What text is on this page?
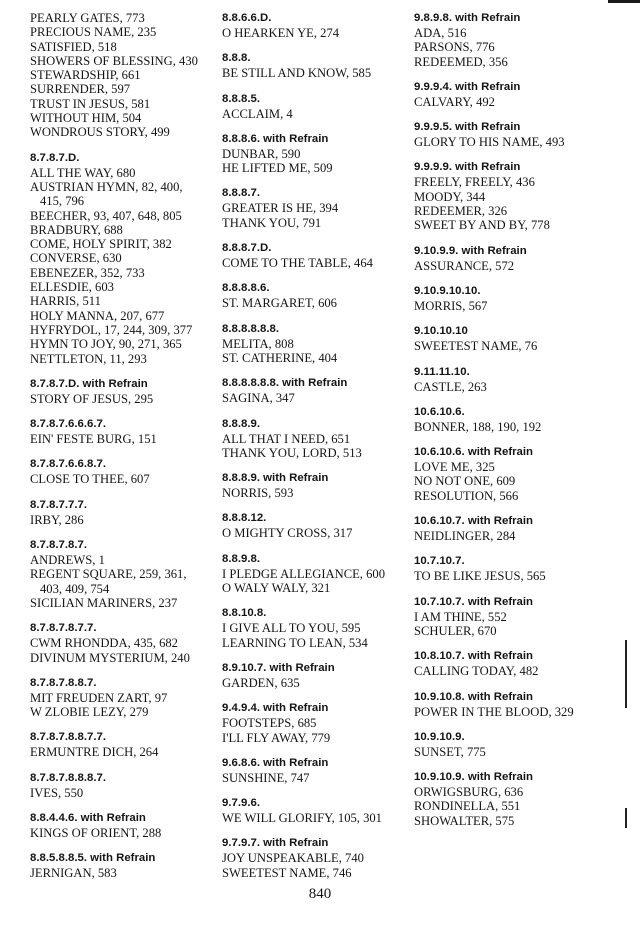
PEARLY GATES, 773
PRECIOUS NAME, 235
SATISFIED, 518
SHOWERS OF BLESSING, 430
STEWARDSHIP, 661
SURRENDER, 597
TRUST IN JESUS, 581
WITHOUT HIM, 504
WONDROUS STORY, 499
8.7.8.7.D.
ALL THE WAY, 680
AUSTRIAN HYMN, 82, 400,
415, 796
BEECHER, 93, 407, 648, 805
BRADBURY, 688
COME, HOLY SPIRIT, 382
CONVERSE, 630
EBENEZER, 352, 733
ELLESDIE, 603
HARRIS, 511
HOLY MANNA, 207, 677
HYFRYDOL, 17, 244, 309, 377
HYMN TO JOY, 90, 271, 365
NETTLETON, 11, 293
8.7.8.7.D. with Refrain
STORY OF JESUS, 295
8.7.8.7.6.6.6.7.
EIN' FESTE BURG, 151
8.7.8.7.6.6.8.7.
CLOSE TO THEE, 607
8.7.8.7.7.7.
IRBY, 286
8.7.8.7.8.7.
ANDREWS, 1
REGENT SQUARE, 259, 361,
403, 409, 754
SICILIAN MARINERS, 237
8.7.8.7.8.7.7.
CWM RHONDDA, 435, 682
DIVINUM MYSTERIUM, 240
8.7.8.7.8.8.7.
MIT FREUDEN ZART, 97
W ZLOBIE LEZY, 279
8.7.8.7.8.8.7.7.
ERMUNTRE DICH, 264
8.7.8.7.8.8.8.7.
IVES, 550
8.8.4.4.6. with Refrain
KINGS OF ORIENT, 288
8.8.5.8.8.5. with Refrain
JERNIGAN, 583
8.8.6.6.D.
O HEARKEN YE, 274
8.8.8.
BE STILL AND KNOW, 585
8.8.8.5.
ACCLAIM, 4
8.8.8.6. with Refrain
DUNBAR, 590
HE LIFTED ME, 509
8.8.8.7.
GREATER IS HE, 394
THANK YOU, 791
8.8.8.7.D.
COME TO THE TABLE, 464
8.8.8.8.6.
ST. MARGARET, 606
8.8.8.8.8.8.
MELITA, 808
ST. CATHERINE, 404
8.8.8.8.8.8. with Refrain
SAGINA, 347
8.8.8.9.
ALL THAT I NEED, 651
THANK YOU, LORD, 513
8.8.8.9. with Refrain
NORRIS, 593
8.8.8.12.
O MIGHTY CROSS, 317
8.8.9.8.
I PLEDGE ALLEGIANCE, 600
O WALY WALY, 321
8.8.10.8.
I GIVE ALL TO YOU, 595
LEARNING TO LEAN, 534
8.9.10.7. with Refrain
GARDEN, 635
9.4.9.4. with Refrain
FOOTSTEPS, 685
I'LL FLY AWAY, 779
9.6.8.6. with Refrain
SUNSHINE, 747
9.7.9.6.
WE WILL GLORIFY, 105, 301
9.7.9.7. with Refrain
JOY UNSPEAKABLE, 740
SWEETEST NAME, 746
9.8.9.8. with Refrain
ADA, 516
PARSONS, 776
REDEEMED, 356
9.9.9.4. with Refrain
CALVARY, 492
9.9.9.5. with Refrain
GLORY TO HIS NAME, 493
9.9.9.9. with Refrain
FREELY, FREELY, 436
MOODY, 344
REDEEMER, 326
SWEET BY AND BY, 778
9.10.9.9. with Refrain
ASSURANCE, 572
9.10.9.10.10.
MORRIS, 567
9.10.10.10
SWEETEST NAME, 76
9.11.11.10.
CASTLE, 263
10.6.10.6.
BONNER, 188, 190, 192
10.6.10.6. with Refrain
LOVE ME, 325
NO NOT ONE, 609
RESOLUTION, 566
10.6.10.7. with Refrain
NEIDLINGER, 284
10.7.10.7.
TO BE LIKE JESUS, 565
10.7.10.7. with Refrain
I AM THINE, 552
SCHULER, 670
10.8.10.7. with Refrain
CALLING TODAY, 482
10.9.10.8. with Refrain
POWER IN THE BLOOD, 329
10.9.10.9.
SUNSET, 775
10.9.10.9. with Refrain
ORWIGSBURG, 636
RONDINELLA, 551
SHOWALTER, 575
840
